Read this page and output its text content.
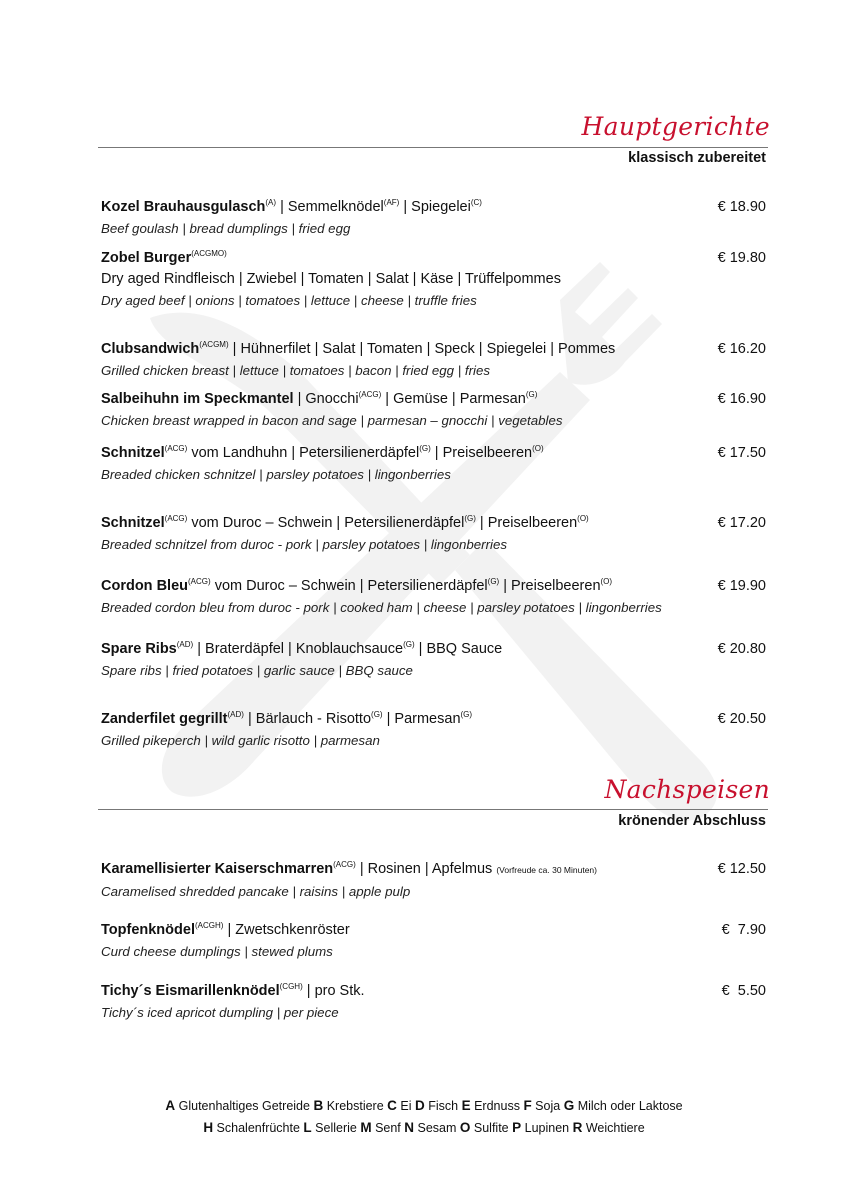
Hauptgerichte
klassisch zubereitet
Kozel Brauhausgulasch$^{(A)}$ | Semmelknödel$^{(AF)}$ | Spiegelei$^{(C)}$
Beef goulash | bread dumplings | fried egg
€ 18.90
Zobel Burger$^{(ACGMO)}$
Dry aged Rindfleisch | Zwiebel | Tomaten | Salat | Käse | Trüffelpommes
Dry aged beef | onions | tomatoes | lettuce | cheese | truffle fries
€ 19.80
Clubsandwich$^{(ACGM)}$ | Hühnerfilet | Salat | Tomaten | Speck | Spiegelei | Pommes
Grilled chicken breast | lettuce | tomatoes | bacon | fried egg | fries
€ 16.20
Salbeihuhn im Speckmantel | Gnocchi$^{(ACG)}$ | Gemüse | Parmesan$^{(G)}$
Chicken breast wrapped in bacon and sage | parmesan – gnocchi | vegetables
€ 16.90
Schnitzel$^{(ACG)}$ vom Landhuhn | Petersilienerdäpfel$^{(G)}$ | Preiselbeeren$^{(O)}$
Breaded chicken schnitzel | parsley potatoes | lingonberries
€ 17.50
Schnitzel$^{(ACG)}$ vom Duroc – Schwein | Petersilienerdäpfel$^{(G)}$ | Preiselbeeren$^{(O)}$
Breaded schnitzel from duroc - pork | parsley potatoes | lingonberries
€ 17.20
Cordon Bleu$^{(ACG)}$ vom Duroc – Schwein | Petersilienerdäpfel$^{(G)}$ | Preiselbeeren$^{(O)}$
Breaded cordon bleu from duroc - pork | cooked ham | cheese | parsley potatoes | lingonberries
€ 19.90
Spare Ribs$^{(AD)}$ | Braterdäpfel | Knoblauchsauce$^{(G)}$ | BBQ Sauce
Spare ribs | fried potatoes | garlic sauce | BBQ sauce
€ 20.80
Zanderfilet gegrillt$^{(AD)}$ | Bärlauch - Risotto$^{(G)}$ | Parmesan$^{(G)}$
Grilled pikeperch | wild garlic risotto | parmesan
€ 20.50
Nachspeisen
krönender Abschluss
Karamellisierter Kaiserschmarren$^{(ACG)}$ | Rosinen | Apfelmus (Vorfreude ca. 30 Minuten)
Caramelised shredded pancake | raisins | apple pulp
€ 12.50
Topfenknödel$^{(ACGH)}$ | Zwetschkenröster
Curd cheese dumplings | stewed plums
€  7.90
Tichy´s Eismarillenknödel$^{(CGH)}$ | pro Stk.
Tichy´s iced apricot dumpling | per piece
€  5.50
A Glutenhaltiges Getreide B Krebstiere C Ei D Fisch E Erdnuss F Soja G Milch oder Laktose
H Schalenfrüchte L Sellerie M Senf N Sesam O Sulfite P Lupinen R Weichtiere
